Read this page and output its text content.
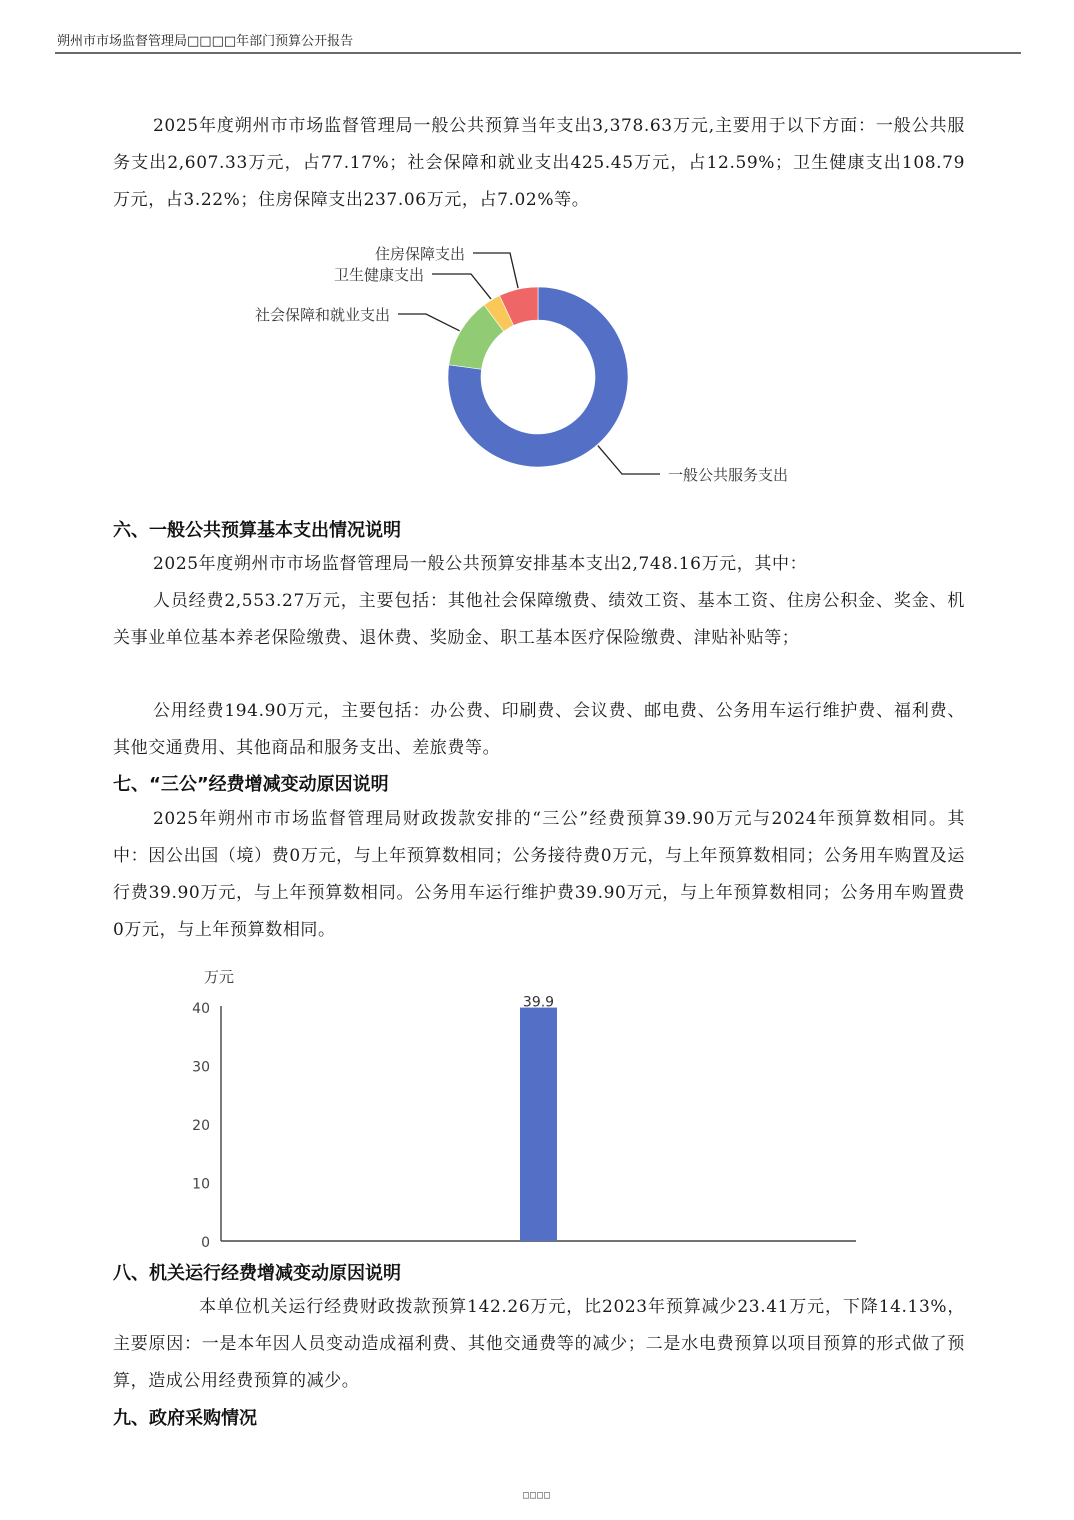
朔州市市场监督管理局□□□□年部门预算公开报告

2025年度朔州市市场监督管理局一般公共预算当年支出3,378.63万元,主要用于以下方面：一般公共服务支出2,607.33万元，占77.17%；社会保障和就业支出425.45万元，占12.59%；卫生健康支出108.79万元，占3.22%；住房保障支出237.06万元，占7.02%等。

一般公共服务支出
社会保障和就业支出
卫生健康支出
住房保障支出
六、一般公共预算基本支出情况说明

2025年度朔州市市场监督管理局一般公共预算安排基本支出2,748.16万元，其中：

人员经费2,553.27万元，主要包括：其他社会保障缴费、绩效工资、基本工资、住房公积金、奖金、机关事业单位基本养老保险缴费、退休费、奖励金、职工基本医疗保险缴费、津贴补贴等；

公用经费194.90万元，主要包括：办公费、印刷费、会议费、邮电费、公务用车运行维护费、福利费、其他交通费用、其他商品和服务支出、差旅费等。

七、“三公”经费增减变动原因说明

2025年朔州市市场监督管理局财政拨款安排的“三公”经费预算39.90万元与2024年预算数相同。其中：因公出国（境）费0万元，与上年预算数相同；公务接待费0万元，与上年预算数相同；公务用车购置及运行费39.90万元，与上年预算数相同。公务用车运行维护费39.90万元，与上年预算数相同；公务用车购置费0万元，与上年预算数相同。

万元
0
10
20
30
40	39.9
八、机关运行经费增减变动原因说明

本单位机关运行经费财政拨款预算142.26万元，比2023年预算减少23.41万元，下降14.13%，主要原因：一是本年因人员变动造成福利费、其他交通费等的减少；二是水电费预算以项目预算的形式做了预算，造成公用经费预算的减少。

九、政府采购情况
□□□□
